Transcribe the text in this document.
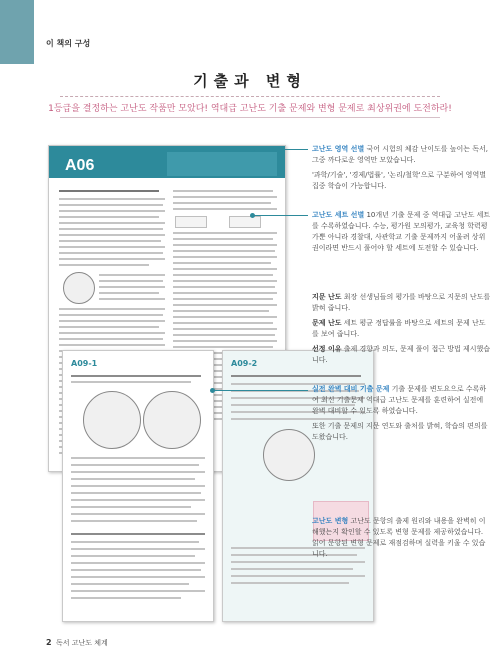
이 책의 구성
기출과 변형
1등급을 결정하는 고난도 작품만 모았다! 역대급 고난도 기출 문제와 변형 문제로 최상위권에 도전하라!
A06
A09-1	A09-2

고난도 영역 선별 국어 시험의 체감 난이도를 높이는 독서, 그중 까다로운 영역만 모았습니다.

'과학/기술', '경제/법률', '논리/철학'으로 구분하여 영역별 집중 학습이 가능합니다.

고난도 세트 선별 10개년 기출 문제 중 역대급 고난도 세트를 수록하였습니다. 수능, 평가원 모의평가, 교육청 학력평가뿐 아니라 경찰대, 사관학교 기출 문제까지 어울려 상위권이라면 반드시 풀어야 할 세트에 도전할 수 있습니다.

지문 난도 최장 선생님들의 평가를 바탕으로 지문의 난도를 밝혀 줍니다.

문제 난도 세트 평균 정답률을 바탕으로 세트의 문제 난도를 보여 줍니다.

선정 이유 출제 경향과 의도, 문제 풀이 접근 방법 제시했습니다.

실전 완벽 대비 기출 문제 기출 문제를 변도요으로 수록하여 최신 기출문제 역대급 고난도 문제를 훈련하여 실전에 완벽 대비할 수 있도록 하였습니다.

또한 기출 문제의 지문 연도와 출처를 밝혀, 학습의 편의를 도왔습니다.

고난도 변형 고난도 문항의 출제 원리와 내용을 완벽히 이해했는지 확인할 수 있도록 변형 문제를 제공하였습니다. 읽어 문항된 변형 문제로 재점검하며 실력을 키울 수 있습니다.

2 독서 고난도 체계
